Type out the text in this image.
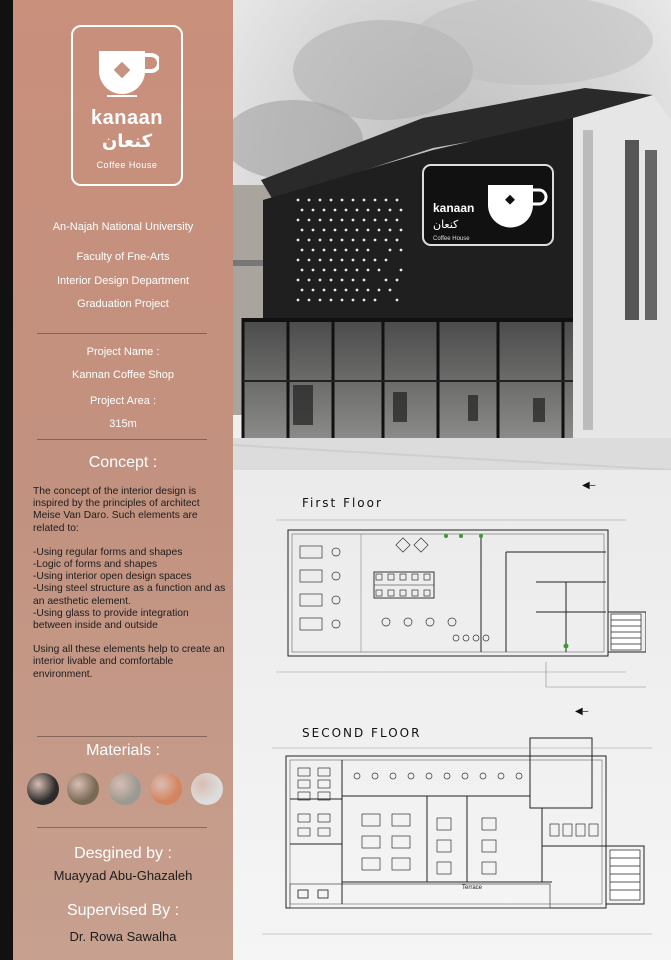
kanaan
كنعان
Coffee House
An-Najah National University
Faculty of Fne-Arts
Interior Design Department
Graduation Project
Project Name :
Kannan Coffee Shop
Project Area :
315m
Concept :

The concept of the interior design is inspired by the principles of architect Meise Van Daro. Such elements are related to:

-Using regular forms and shapes

-Logic of forms and shapes

-Using interior open design spaces

-Using steel structure as a function and as an aesthetic element.

-Using glass to provide integration between inside and outside

Using all these elements help to create an interior livable and comfortable environment.

Materials :
Desgined by :
Muayyad Abu-Ghazaleh
Supervised By :
Dr. Rowa Sawalha
kanaan
كنعان
Coffee House
First Floor
◀‒
◀‒
SECOND FLOOR
Terrace
